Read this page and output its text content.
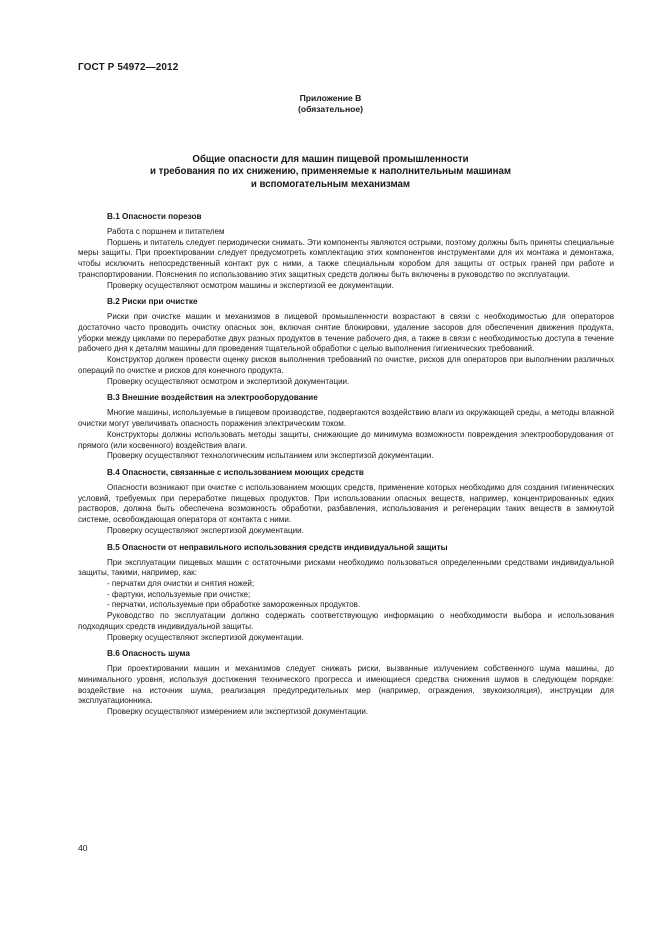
ГОСТ Р 54972—2012
Приложение В
(обязательное)
Общие опасности для машин пищевой промышленности
и требования по их снижению, применяемые к наполнительным машинам
и вспомогательным механизмам
В.1 Опасности порезов

Работа с поршнем и питателем

Поршень и питатель следует периодически снимать. Эти компоненты являются острыми, поэтому должны быть приняты специальные меры защиты. При проектировании следует предусмотреть комплектацию этих компонентов инструментами для их монтажа и демонтажа, чтобы исключить непосредственный контакт рук с ними, а также специальным коробом для защиты от острых граней при работе и транспортировании. Пояснения по использованию этих защитных средств должны быть включены в руководство по эксплуатации.

Проверку осуществляют осмотром машины и экспертизой ее документации.

В.2 Риски при очистке

Риски при очистке машин и механизмов в пищевой промышленности возрастают в связи с необходимостью для операторов достаточно часто проводить очистку опасных зон, включая снятие блокировки, удаление засоров для обеспечения движения продукта, уборки между циклами по переработке двух разных продуктов в течение рабочего дня, а также в связи с необходимостью доступа в течение рабочего дня к деталям машины для проведения тщательной обработки с целью выполнения гигиенических требований.

Конструктор должен провести оценку рисков выполнения требований по очистке, рисков для операторов при выполнении различных операций по очистке и рисков для конечного продукта.

Проверку осуществляют осмотром и экспертизой документации.

В.3 Внешние воздействия на электрооборудование

Многие машины, используемые в пищевом производстве, подвергаются воздействию влаги из окружающей среды, а методы влажной очистки могут увеличивать опасность поражения электрическим током.

Конструкторы должны использовать методы защиты, снижающие до минимума возможности повреждения электрооборудования от прямого (или косвенного) воздействия влаги.

Проверку осуществляют технологическим испытанием или экспертизой документации.

В.4 Опасности, связанные с использованием моющих средств

Опасности возникают при очистке с использованием моющих средств, применение которых необходимо для создания гигиенических условий, требуемых при переработке пищевых продуктов. При использовании опасных веществ, например, концентрированных едких растворов, должна быть обеспечена возможность обработки, разбавления, использования и регенерации таких веществ в замкнутой системе, освобождающая оператора от контакта с ними.

Проверку осуществляют экспертизой документации.

В.5 Опасности от неправильного использования средств индивидуальной защиты

При эксплуатации пищевых машин с остаточными рисками необходимо пользоваться определенными средствами индивидуальной защиты, такими, например, как:

- перчатки для очистки и снятия ножей;
- фартуки, используемые при очистке;
- перчатки, используемые при обработке замороженных продуктов.

Руководство по эксплуатации должно содержать соответствующую информацию о необходимости выбора и использования подходящих средств индивидуальной защиты.

Проверку осуществляют экспертизой документации.

В.6 Опасность шума

При проектировании машин и механизмов следует снижать риски, вызванные излучением собственного шума машины, до минимального уровня, используя достижения технического прогресса и имеющиеся средства снижения шумов в следующем порядке: воздействие на источник шума, реализация предупредительных мер (например, ограждения, звукоизоляция), инструкции для эксплуатационника.

Проверку осуществляют измерением или экспертизой документации.

40
